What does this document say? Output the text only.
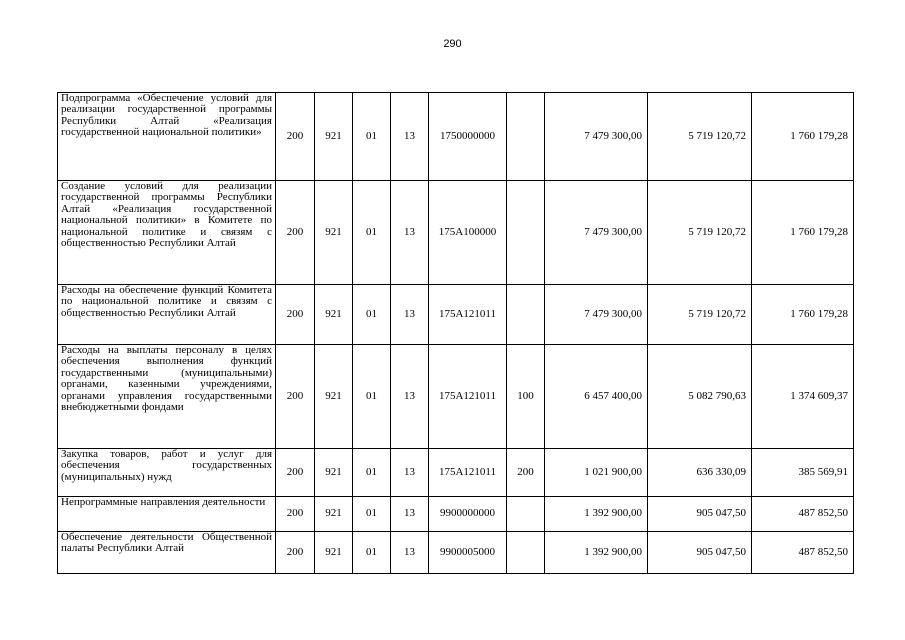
290
Подпрограмма «Обеспечение условий для реализации государственной программы Республики Алтай «Реализация государственной национальной политики»	200	921	01	13	1750000000		7 479 300,00	5 719 120,72	1 760 179,28
Создание условий для реализации государственной программы Республики Алтай «Реализация государственной национальной политики» в Комитете по национальной политике и связям с общественностью Республики Алтай	200	921	01	13	175А100000		7 479 300,00	5 719 120,72	1 760 179,28
Расходы на обеспечение функций Комитета по национальной политике и связям с общественностью Республики Алтай	200	921	01	13	175А121011		7 479 300,00	5 719 120,72	1 760 179,28
Расходы на выплаты персоналу в целях обеспечения выполнения функций государственными (муниципальными) органами, казенными учреждениями, органами управления государственными внебюджетными фондами	200	921	01	13	175А121011	100	6 457 400,00	5 082 790,63	1 374 609,37
Закупка товаров, работ и услуг для обеспечения государственных (муниципальных) нужд	200	921	01	13	175А121011	200	1 021 900,00	636 330,09	385 569,91
Непрограммные направления деятельности	200	921	01	13	9900000000		1 392 900,00	905 047,50	487 852,50
Обеспечение деятельности Общественной палаты Республики Алтай	200	921	01	13	9900005000		1 392 900,00	905 047,50	487 852,50
